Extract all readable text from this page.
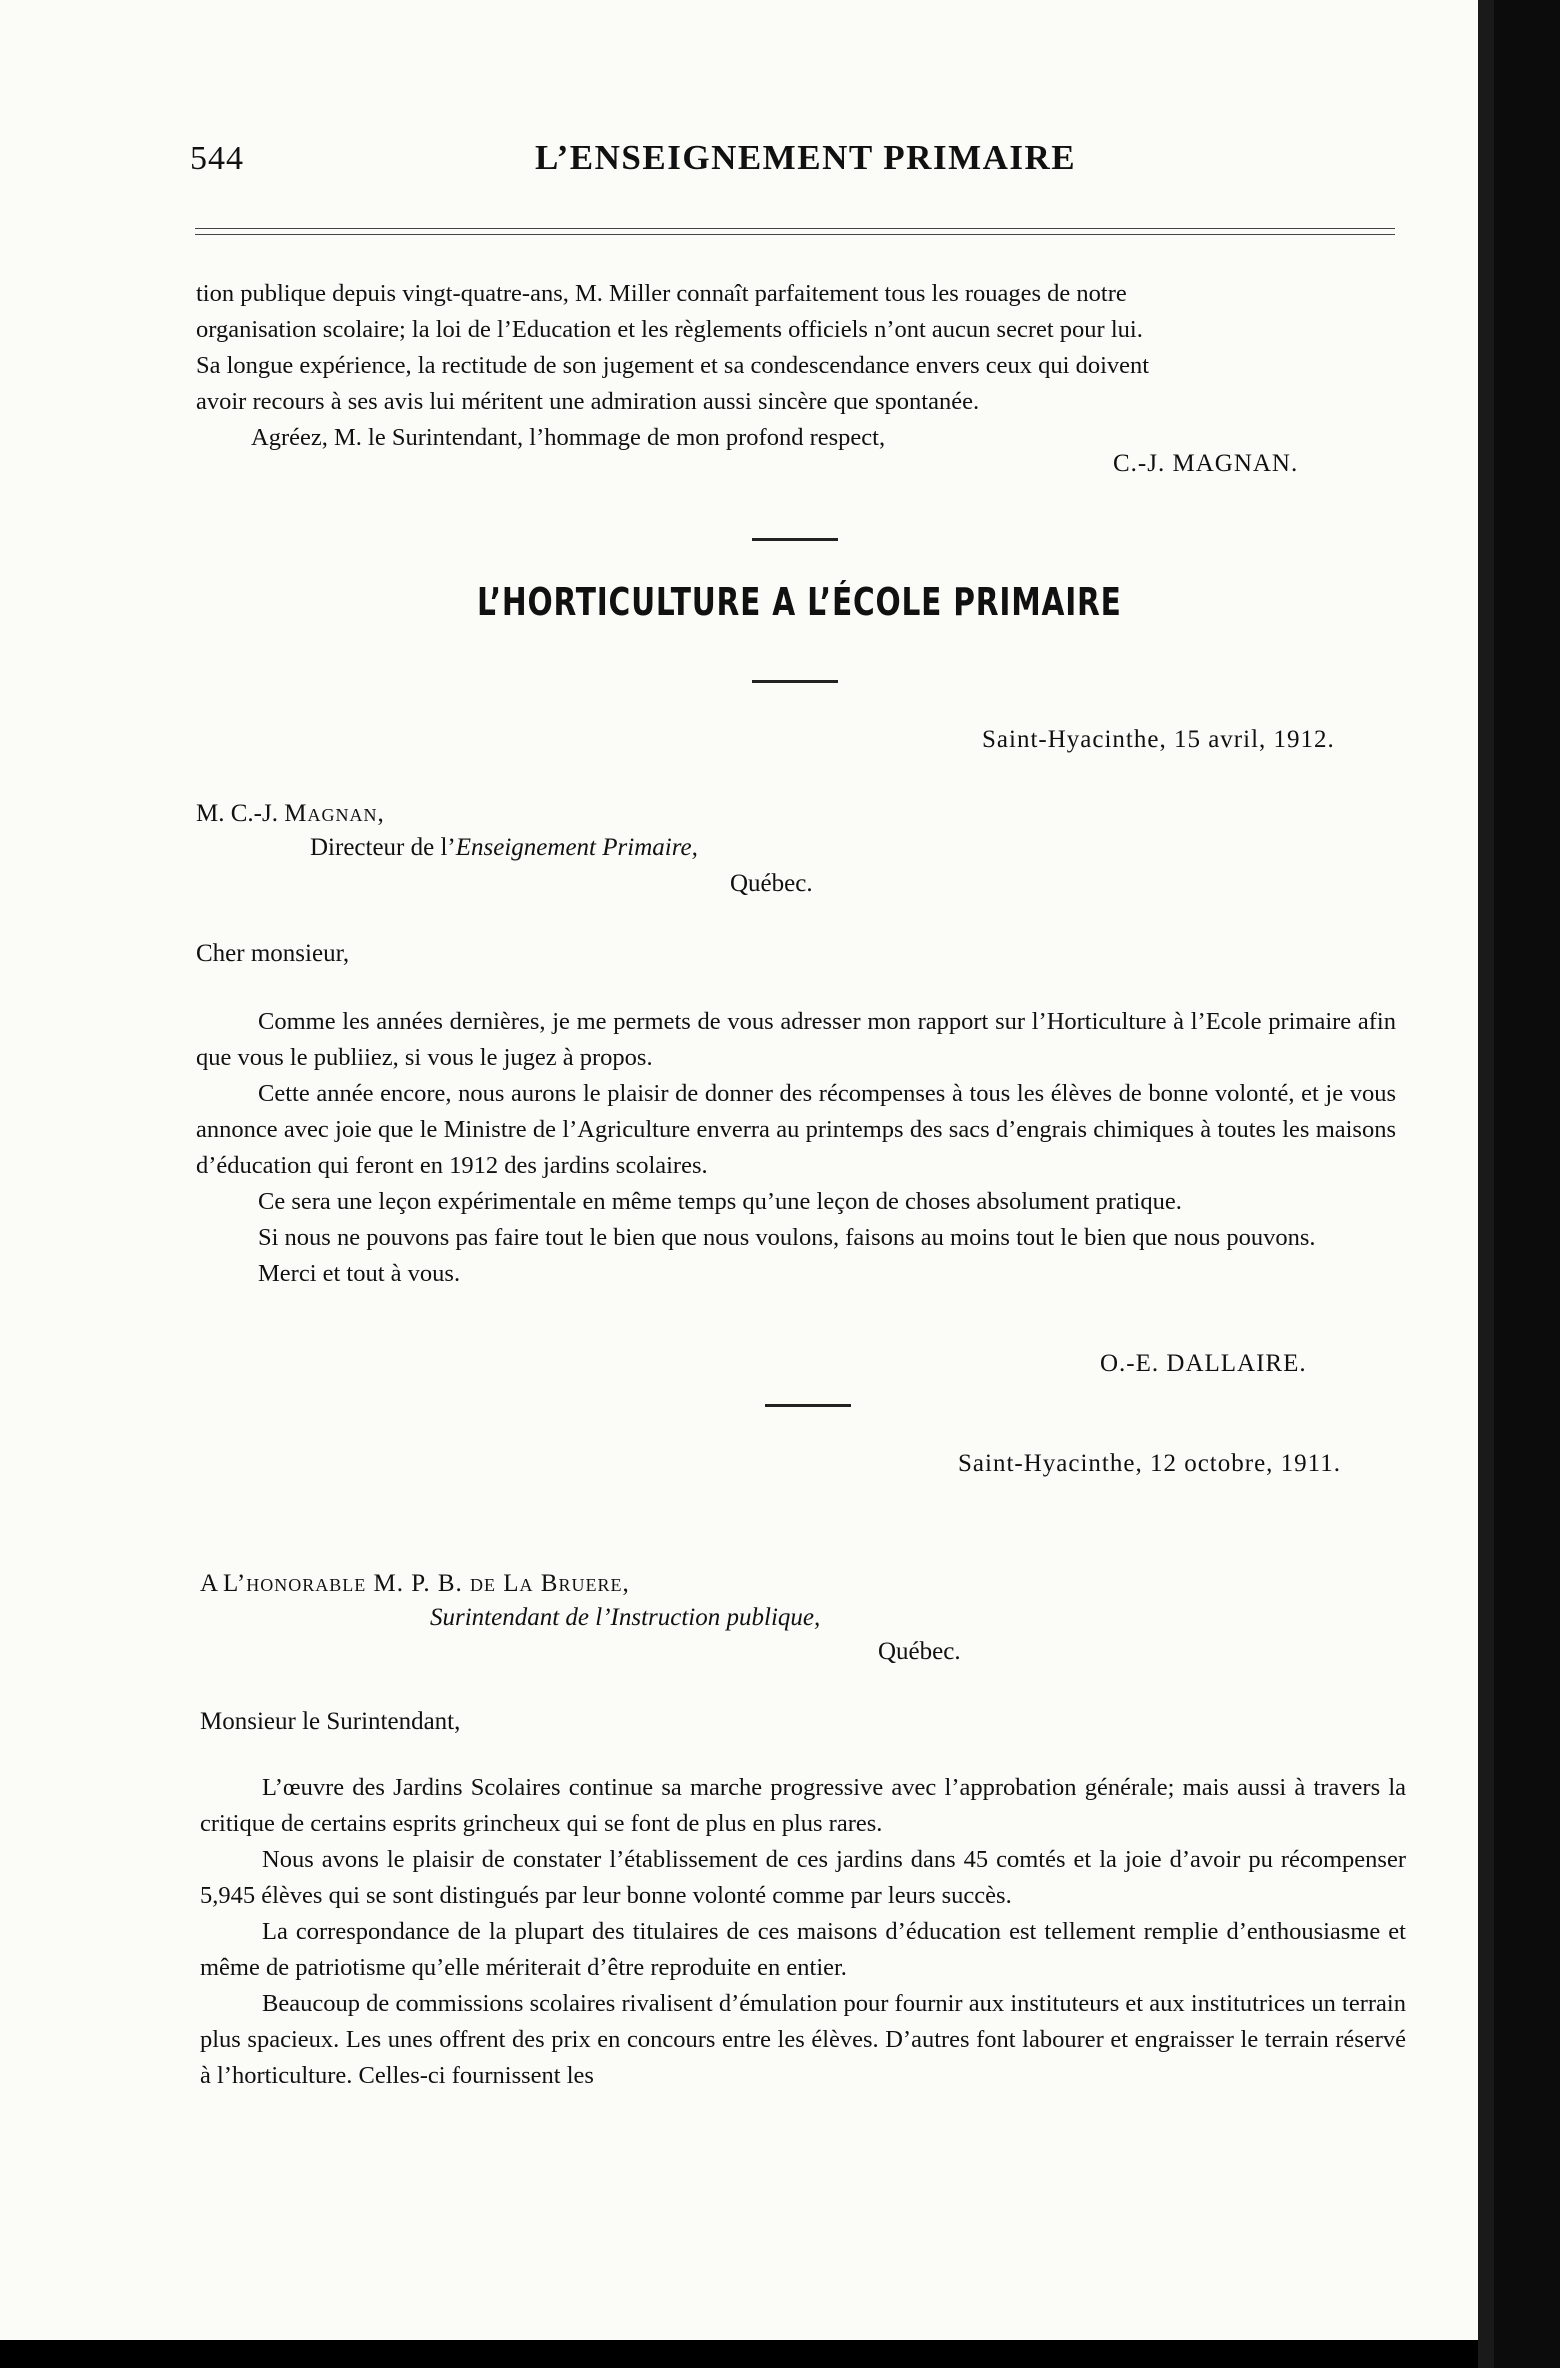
544	L’ENSEIGNEMENT PRIMAIRE

tion publique depuis vingt-quatre-ans, M. Miller connaît parfaitement tous les rouages de notre

organisation scolaire; la loi de l’Education et les règlements officiels n’ont aucun secret pour lui.

Sa longue expérience, la rectitude de son jugement et sa condescendance envers ceux qui doivent

avoir recours à ses avis lui méritent une admiration aussi sincère que spontanée.

Agréez, M. le Surintendant, l’hommage de mon profond respect,

C.-J. MAGNAN.
L’HORTICULTURE A L’ÉCOLE PRIMAIRE
Saint-Hyacinthe, 15 avril, 1912.
M. C.-J. Magnan,
Directeur de l’Enseignement Primaire,
Québec.
Cher monsieur,

Comme les années dernières, je me permets de vous adresser mon rapport sur l’Horticulture à l’Ecole primaire afin que vous le publiiez, si vous le jugez à propos.

Cette année encore, nous aurons le plaisir de donner des récompenses à tous les élèves de bonne volonté, et je vous annonce avec joie que le Ministre de l’Agriculture enverra au printemps des sacs d’engrais chimiques à toutes les maisons d’éducation qui feront en 1912 des jardins scolaires.

Ce sera une leçon expérimentale en même temps qu’une leçon de choses absolument pratique.

Si nous ne pouvons pas faire tout le bien que nous voulons, faisons au moins tout le bien que nous pouvons.

Merci et tout à vous.

O.-E. DALLAIRE.
Saint-Hyacinthe, 12 octobre, 1911.
A L’honorable M. P. B. de La Bruere,
Surintendant de l’Instruction publique,
Québec.
Monsieur le Surintendant,

L’œuvre des Jardins Scolaires continue sa marche progressive avec l’approbation générale; mais aussi à travers la critique de certains esprits grincheux qui se font de plus en plus rares.

Nous avons le plaisir de constater l’établissement de ces jardins dans 45 comtés et la joie d’avoir pu récompenser 5,945 élèves qui se sont distingués par leur bonne volonté comme par leurs succès.

La correspondance de la plupart des titulaires de ces maisons d’éducation est tellement remplie d’enthousiasme et même de patriotisme qu’elle mériterait d’être reproduite en entier.

Beaucoup de commissions scolaires rivalisent d’émulation pour fournir aux instituteurs et aux institutrices un terrain plus spacieux. Les unes offrent des prix en concours entre les élèves. D’autres font labourer et engraisser le terrain réservé à l’horticulture. Celles-ci fournissent les
